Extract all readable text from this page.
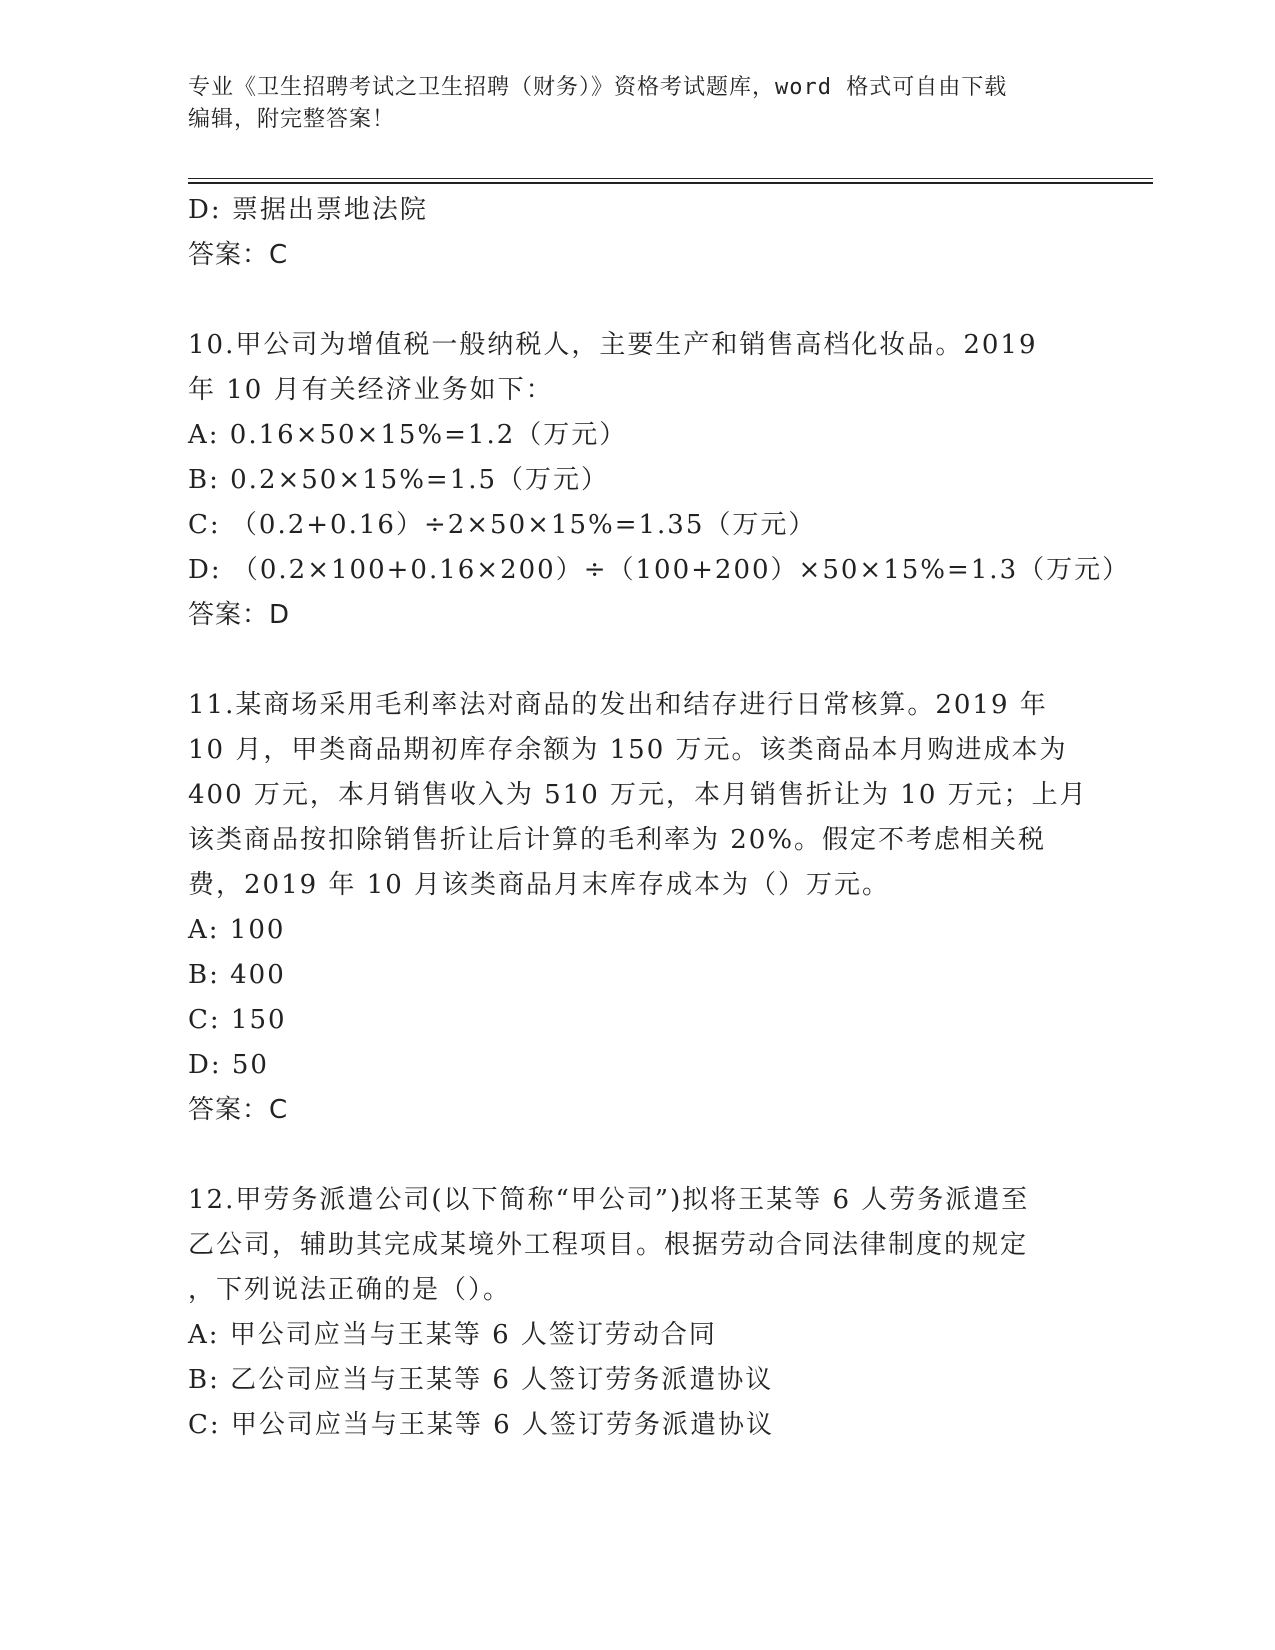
专业《卫生招聘考试之卫生招聘（财务）》资格考试题库，word 格式可自由下载
编辑，附完整答案！
D: 票据出票地法院
答案：C
10.甲公司为增值税一般纳税人，主要生产和销售高档化妆品。2019
年 10 月有关经济业务如下：
A: 0.16×50×15%=1.2（万元）
B: 0.2×50×15%=1.5（万元）
C: （0.2+0.16）÷2×50×15%=1.35（万元）
D: （0.2×100+0.16×200）÷（100+200）×50×15%=1.3（万元）
答案：D
11.某商场采用毛利率法对商品的发出和结存进行日常核算。2019 年
10 月，甲类商品期初库存余额为 150 万元。该类商品本月购进成本为
400 万元，本月销售收入为 510 万元，本月销售折让为 10 万元；上月
该类商品按扣除销售折让后计算的毛利率为 20%。假定不考虑相关税
费，2019 年 10 月该类商品月末库存成本为（）万元。
A: 100
B: 400
C: 150
D: 50
答案：C
12.甲劳务派遣公司(以下简称“甲公司”)拟将王某等 6 人劳务派遣至
乙公司，辅助其完成某境外工程项目。根据劳动合同法律制度的规定
，下列说法正确的是（）。
A: 甲公司应当与王某等 6 人签订劳动合同
B: 乙公司应当与王某等 6 人签订劳务派遣协议
C: 甲公司应当与王某等 6 人签订劳务派遣协议
